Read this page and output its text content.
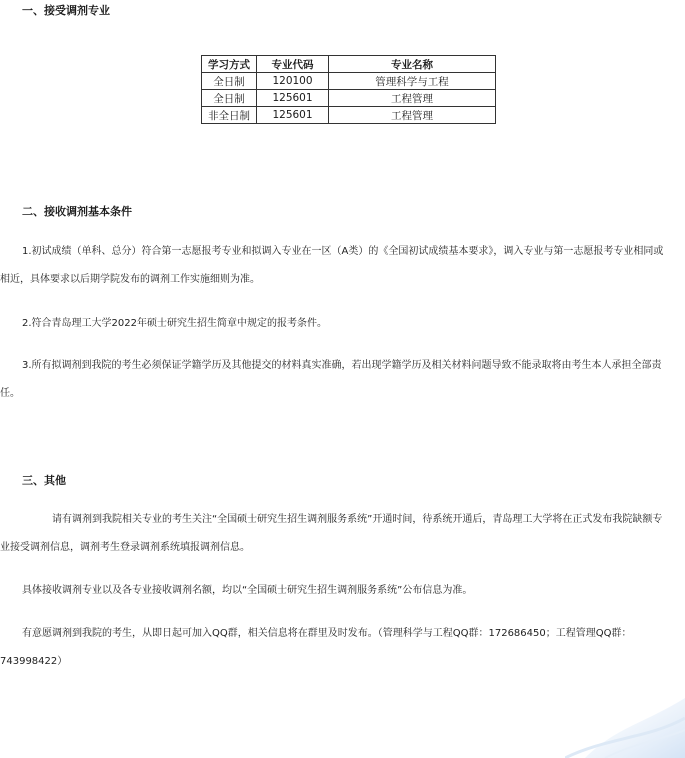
一、接受调剂专业
学习方式	专业代码	专业名称
全日制	120100	管理科学与工程
全日制	125601	工程管理
非全日制	125601	工程管理
二、接收调剂基本条件
1.初试成绩（单科、总分）符合第一志愿报考专业和拟调入专业在一区（A类）的《全国初试成绩基本要求》，调入专业与第一志愿报考专业相同或相近，具体要求以后期学院发布的调剂工作实施细则为准。
2.符合青岛理工大学2022年硕士研究生招生简章中规定的报考条件。
3.所有拟调剂到我院的考生必须保证学籍学历及其他提交的材料真实准确，若出现学籍学历及相关材料问题导致不能录取将由考生本人承担全部责任。
三、其他
请有调剂到我院相关专业的考生关注“全国硕士研究生招生调剂服务系统”开通时间，待系统开通后，青岛理工大学将在正式发布我院缺额专业接受调剂信息，调剂考生登录调剂系统填报调剂信息。
具体接收调剂专业以及各专业接收调剂名额，均以“全国硕士研究生招生调剂服务系统”公布信息为准。
有意愿调剂到我院的考生，从即日起可加入QQ群，相关信息将在群里及时发布。（管理科学与工程QQ群：172686450；工程管理QQ群：743998422）
